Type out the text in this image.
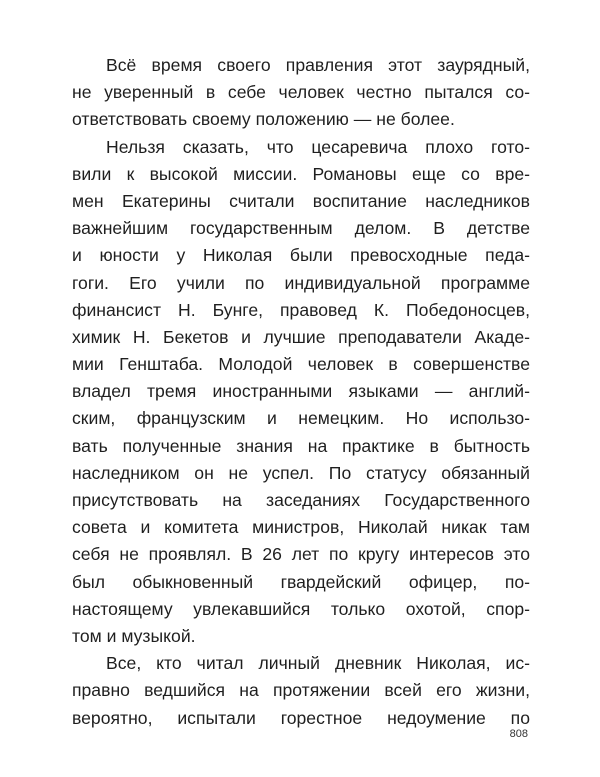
Всё время своего правления этот заурядный,
не уверенный в себе человек честно пытался со-
ответствовать своему положению — не более.
Нельзя сказать, что цесаревича плохо гото-
вили к высокой миссии. Романовы еще со вре-
мен Екатерины считали воспитание наследников
важнейшим государственным делом. В детстве
и юности у Николая были превосходные педа-
гоги. Его учили по индивидуальной программе
финансист Н. Бунге, правовед К. Победоносцев,
химик Н. Бекетов и лучшие преподаватели Акаде-
мии Генштаба. Молодой человек в совершенстве
владел тремя иностранными языками — англий-
ским, французским и немецким. Но использо-
вать полученные знания на практике в бытность
наследником он не успел. По статусу обязанный
присутствовать на заседаниях Государственного
совета и комитета министров, Николай никак там
себя не проявлял. В 26 лет по кругу интересов это
был обыкновенный гвардейский офицер, по-
настоящему увлекавшийся только охотой, спор-
том и музыкой.
Все, кто читал личный дневник Николая, ис-
правно ведшийся на протяжении всей его жизни,
вероятно, испытали горестное недоумение по
808
